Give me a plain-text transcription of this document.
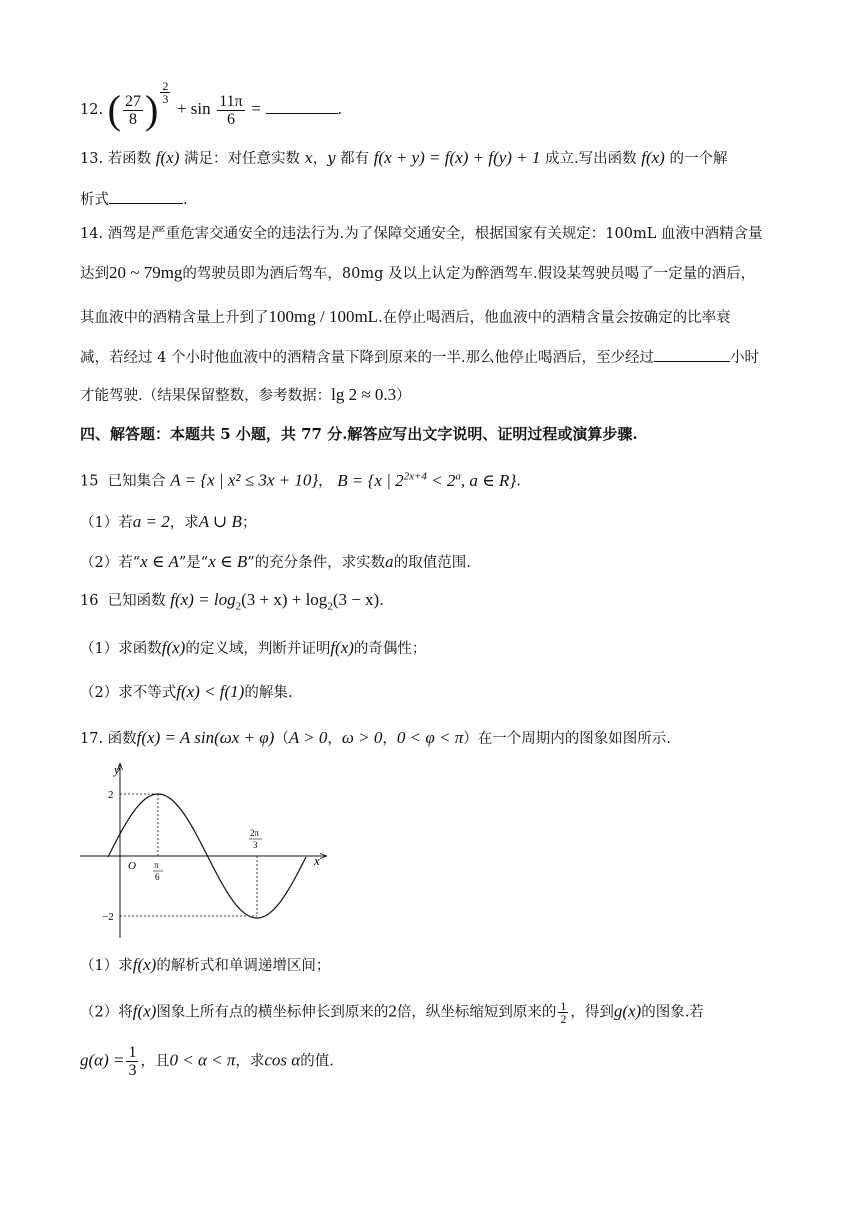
12. ( $\frac{27}{8}$ ) $\frac{2}{3}$
+ $\sin \frac{11\pi}{6}$ =	.
13. 若函数 f(x) 满足：对任意实数 x，y 都有 f(x + y) = f(x) + f(y) + 1 成立.写出函数 f(x) 的一个解
析式	.
14. 酒驾是严重危害交通安全的违法行为.为了保障交通安全，根据国家有关规定：100mL 血液中酒精含量
达到20 ~ 79mg的驾驶员即为酒后驾车，80mg 及以上认定为醉酒驾车.假设某驾驶员喝了一定量的酒后，
其血液中的酒精含量上升到了100mg / 100mL.在停止喝酒后，他血液中的酒精含量会按确定的比率衰
减，若经过 4 个小时他血液中的酒精含量下降到原来的一半.那么他停止喝酒后，至少经过	小时
才能驾驶.（结果保留整数，参考数据：lg 2 ≈ 0.3）
四、解答题：本题共 5 小题，共 77 分.解答应写出文字说明、证明过程或演算步骤.
15 已知集合 A = {x | x² ≤ 3x + 10}， B = {x | $2^{2x+4} < 2^a$, a ∈ R}.
（1）若a = 2，求A ∪ B；
（2）若“x ∈ A”是“x ∈ B”的充分条件，求实数a的取值范围.
16 已知函数 $f(x) = \log_2(3 + x) + \log_2(3 - x)$.
（1）求函数f(x)的定义域，判断并证明f(x)的奇偶性；
（2）求不等式f(x) < f(1)的解集.
17. 函数f(x) = A sin(ωx + φ)（A > 0，ω > 0，0 < φ < π）在一个周期内的图象如图所示.
y
x
O
2
−2
π
6
2π
3
（1）求f(x)的解析式和单调递增区间；
（2）将f(x)图象上所有点的横坐标伸长到原来的2倍，纵坐标缩短到原来的 $\frac{1}{2}$ ，得到g(x)的图象.若
$g(\alpha) = \frac{1}{3}$ ，且0 < α < π，求cos α的值.
